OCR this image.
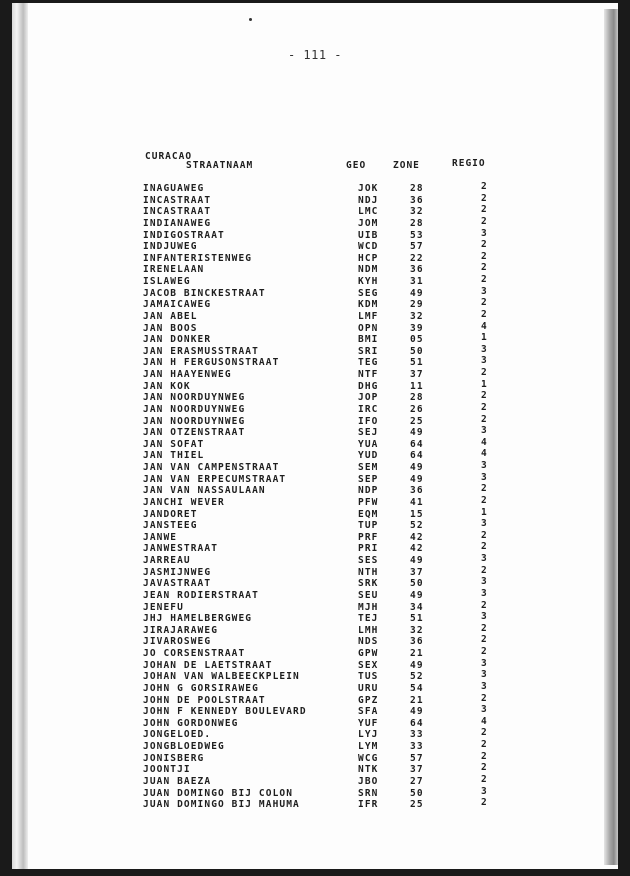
- 111 -
CURACAO
STRAATNAAM	GEO	ZONE	REGIO
INAGUAWEG	JOK	28	2
INCASTRAAT	NDJ	36	2
INCASTRAAT	LMC	32	2
INDIANAWEG	JOM	28	2
INDIGOSTRAAT	UIB	53	3
INDJUWEG	WCD	57	2
INFANTERISTENWEG	HCP	22	2
IRENELAAN	NDM	36	2
ISLAWEG	KYH	31	2
JACOB BINCKESTRAAT	SEG	49	3
JAMAICAWEG	KDM	29	2
JAN ABEL	LMF	32	2
JAN BOOS	OPN	39	4
JAN DONKER	BMI	05	1
JAN ERASMUSSTRAAT	SRI	50	3
JAN H FERGUSONSTRAAT	TEG	51	3
JAN HAAYENWEG	NTF	37	2
JAN KOK	DHG	11	1
JAN NOORDUYNWEG	JOP	28	2
JAN NOORDUYNWEG	IRC	26	2
JAN NOORDUYNWEG	IFO	25	2
JAN OTZENSTRAAT	SEJ	49	3
JAN SOFAT	YUA	64	4
JAN THIEL	YUD	64	4
JAN VAN CAMPENSTRAAT	SEM	49	3
JAN VAN ERPECUMSTRAAT	SEP	49	3
JAN VAN NASSAULAAN	NDP	36	2
JANCHI WEVER	PFW	41	2
JANDORET	EQM	15	1
JANSTEEG	TUP	52	3
JANWE	PRF	42	2
JANWESTRAAT	PRI	42	2
JARREAU	SES	49	3
JASMIJNWEG	NTH	37	2
JAVASTRAAT	SRK	50	3
JEAN RODIERSTRAAT	SEU	49	3
JENEFU	MJH	34	2
JHJ HAMELBERGWEG	TEJ	51	3
JIRAJARAWEG	LMH	32	2
JIVAROSWEG	NDS	36	2
JO CORSENSTRAAT	GPW	21	2
JOHAN DE LAETSTRAAT	SEX	49	3
JOHAN VAN WALBEECKPLEIN	TUS	52	3
JOHN G GORSIRAWEG	URU	54	3
JOHN DE POOLSTRAAT	GPZ	21	2
JOHN F KENNEDY BOULEVARD	SFA	49	3
JOHN GORDONWEG	YUF	64	4
JONGELOED.	LYJ	33	2
JONGBLOEDWEG	LYM	33	2
JONISBERG	WCG	57	2
JOONTJI	NTK	37	2
JUAN BAEZA	JBO	27	2
JUAN DOMINGO BIJ COLON	SRN	50	3
JUAN DOMINGO BIJ MAHUMA	IFR	25	2
